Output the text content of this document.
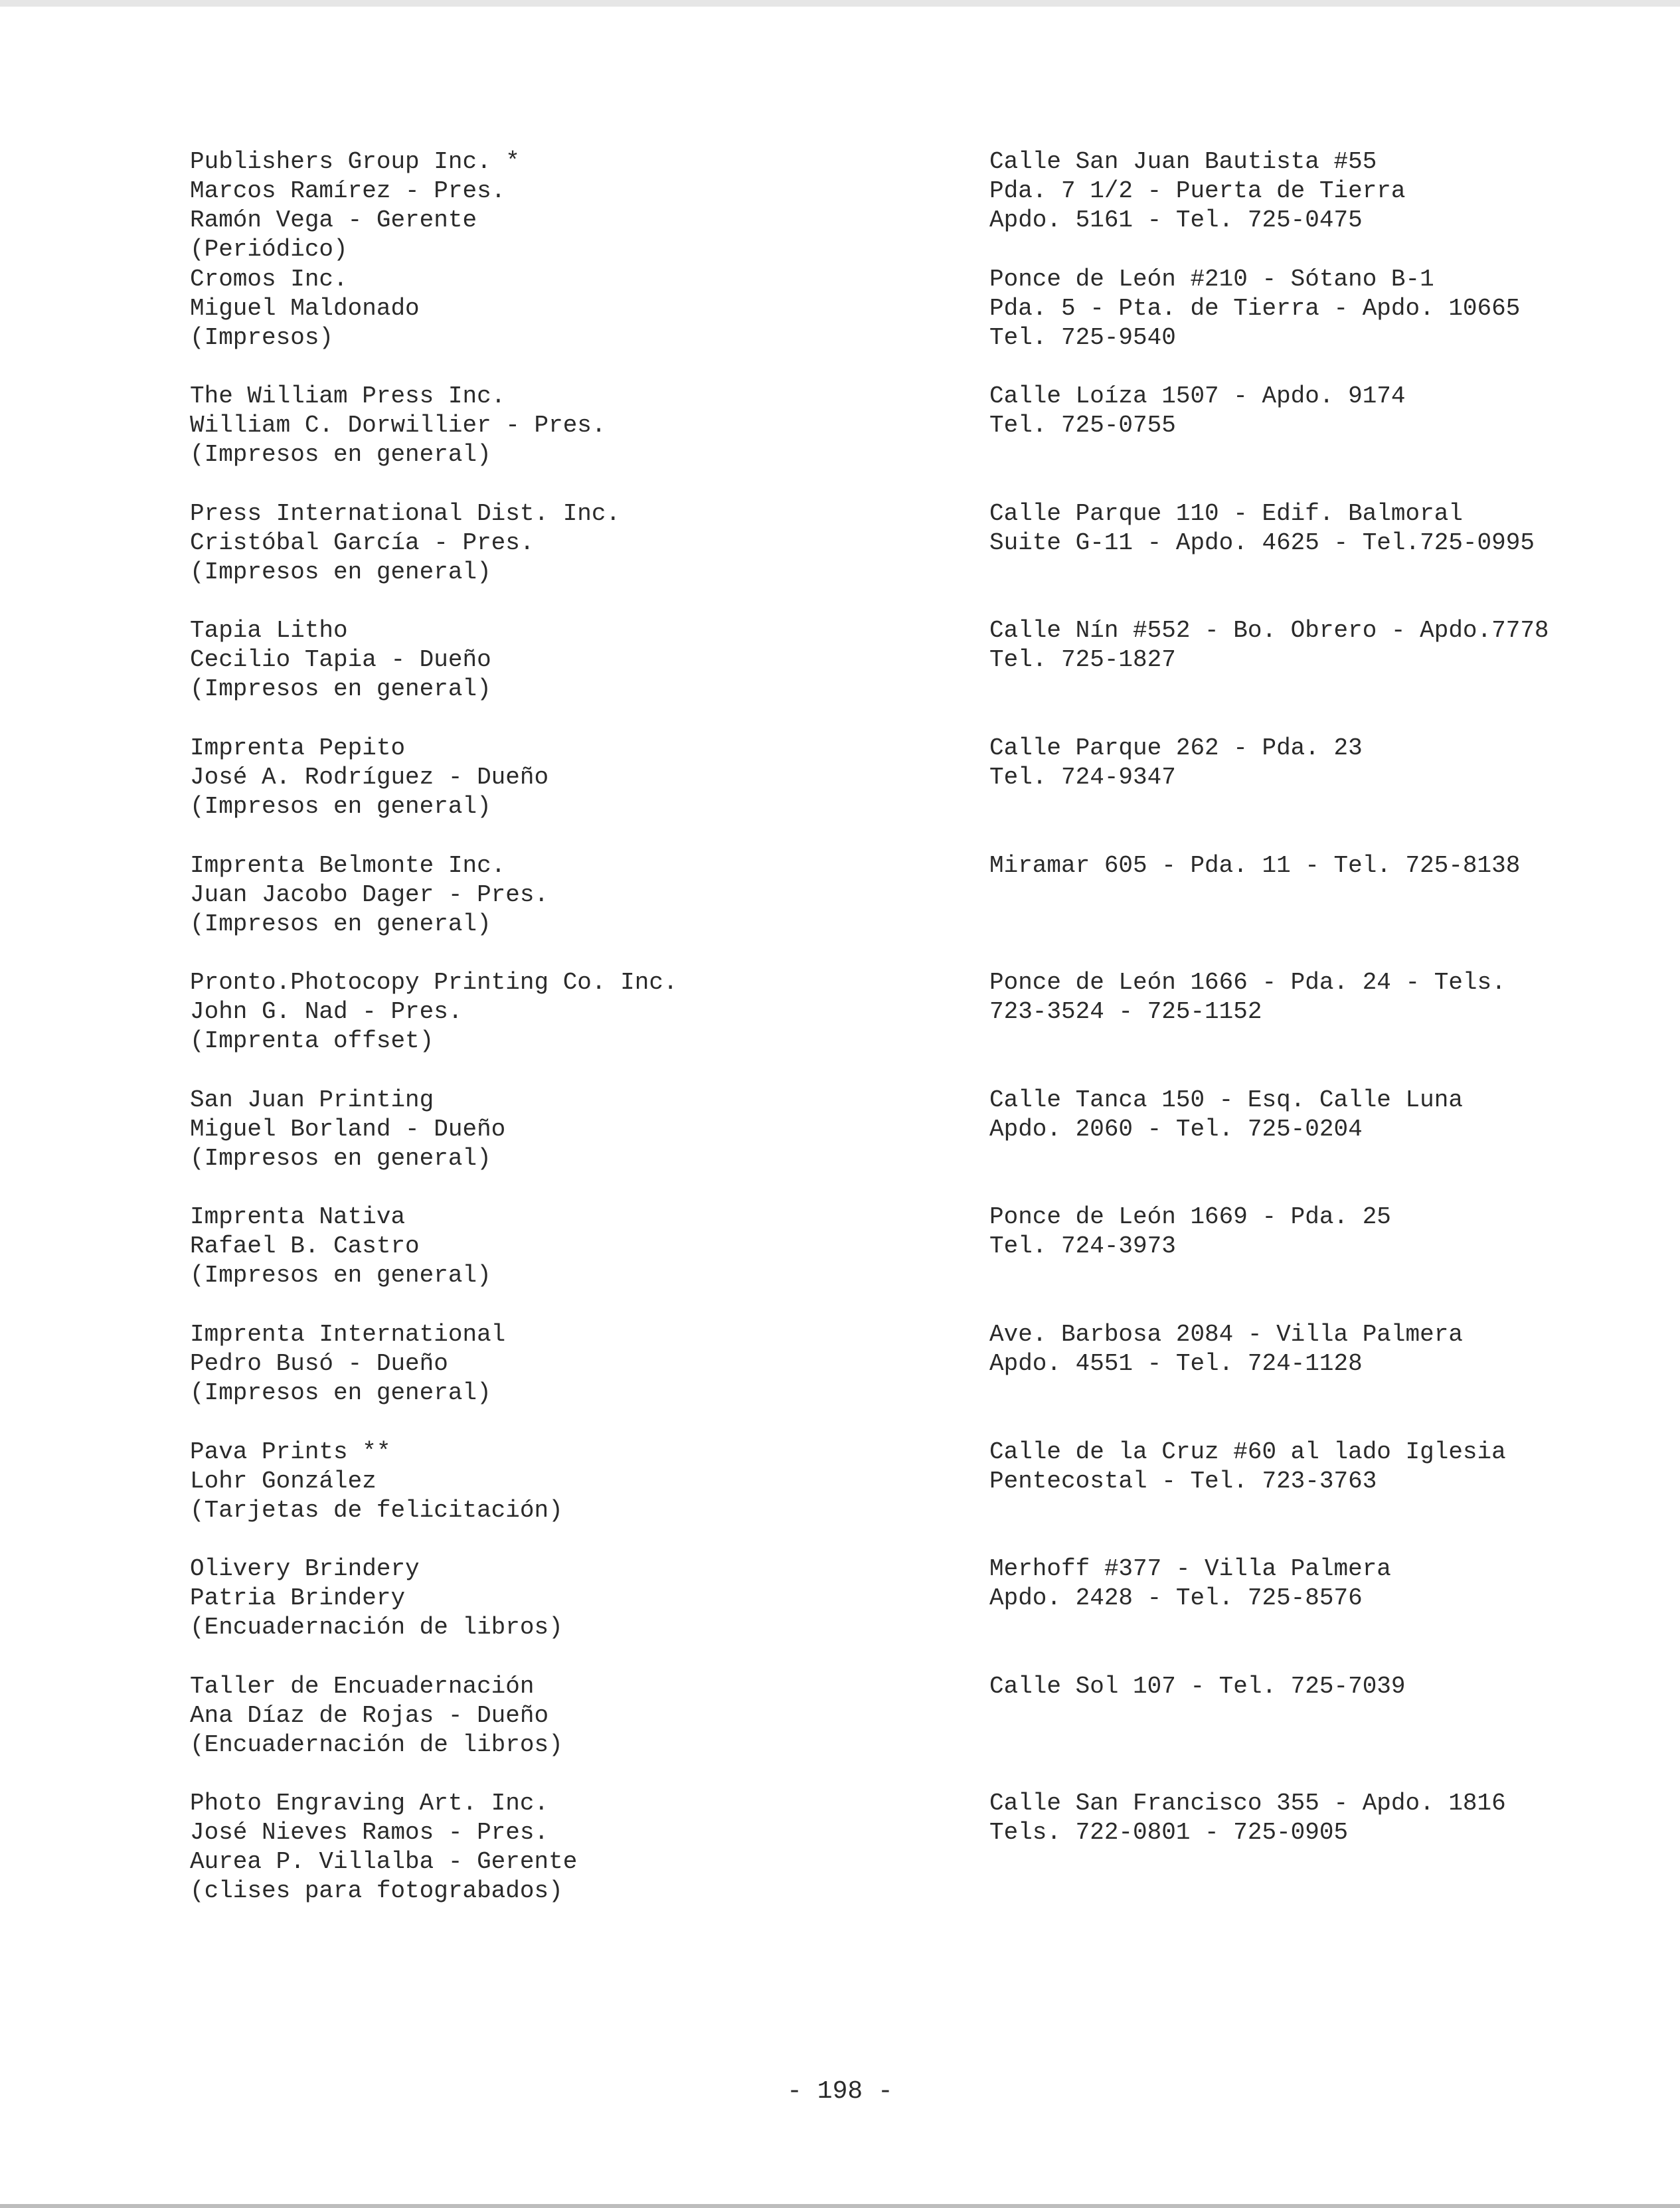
Publishers Group Inc. *
Marcos Ramírez - Pres.
Ramón Vega - Gerente
(Periódico)
Calle San Juan Bautista #55
Pda. 7 1/2 - Puerta de Tierra
Apdo. 5161 - Tel. 725-0475
Cromos Inc.
Miguel Maldonado
(Impresos)
Ponce de León #210 - Sótano B-1
Pda. 5 - Pta. de Tierra - Apdo. 10665
Tel. 725-9540
The William Press Inc.
William C. Dorwillier - Pres.
(Impresos en general)
Calle Loíza 1507 - Apdo. 9174
Tel. 725-0755
Press International Dist. Inc.
Cristóbal García - Pres.
(Impresos en general)
Calle Parque 110 - Edif. Balmoral
Suite G-11 - Apdo. 4625 - Tel.725-0995
Tapia Litho
Cecilio Tapia - Dueño
(Impresos en general)
Calle Nín #552 - Bo. Obrero - Apdo.7778
Tel. 725-1827
Imprenta Pepito
José A. Rodríguez - Dueño
(Impresos en general)
Calle Parque 262 - Pda. 23
Tel. 724-9347
Imprenta Belmonte Inc.
Juan Jacobo Dager - Pres.
(Impresos en general)
Miramar 605 - Pda. 11 - Tel. 725-8138
Pronto.Photocopy Printing Co. Inc.
John G. Nad - Pres.
(Imprenta offset)
Ponce de León 1666 - Pda. 24 - Tels.
723-3524 - 725-1152
San Juan Printing
Miguel Borland - Dueño
(Impresos en general)
Calle Tanca 150 - Esq. Calle Luna
Apdo. 2060 - Tel. 725-0204
Imprenta Nativa
Rafael B. Castro
(Impresos en general)
Ponce de León 1669 - Pda. 25
Tel. 724-3973
Imprenta International
Pedro Busó - Dueño
(Impresos en general)
Ave. Barbosa 2084 - Villa Palmera
Apdo. 4551 - Tel. 724-1128
Pava Prints **
Lohr González
(Tarjetas de felicitación)
Calle de la Cruz #60 al lado Iglesia
Pentecostal - Tel. 723-3763
Olivery Brindery
Patria Brindery
(Encuadernación de libros)
Merhoff #377 - Villa Palmera
Apdo. 2428 - Tel. 725-8576
Taller de Encuadernación
Ana Díaz de Rojas - Dueño
(Encuadernación de libros)
Calle Sol 107 - Tel. 725-7039
Photo Engraving Art. Inc.
José Nieves Ramos - Pres.
Aurea P. Villalba - Gerente
(clises para fotograbados)
Calle San Francisco 355 - Apdo. 1816
Tels. 722-0801 - 725-0905
- 198 -
